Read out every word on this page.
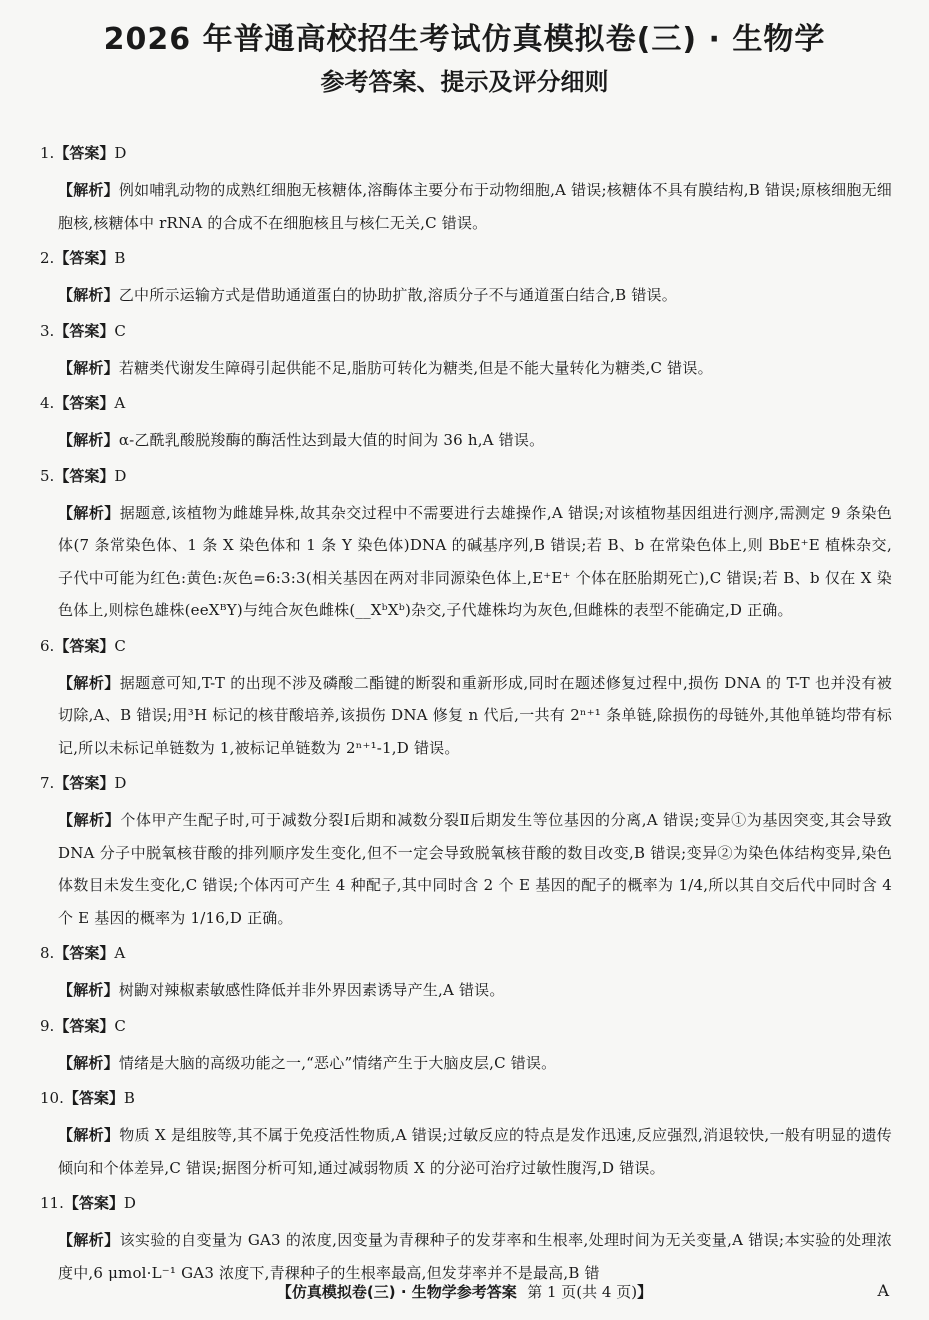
2026 年普通高校招生考试仿真模拟卷(三) · 生物学
参考答案、提示及评分细则
1.【答案】D
【解析】例如哺乳动物的成熟红细胞无核糖体,溶酶体主要分布于动物细胞,A 错误;核糖体不具有膜结构,B 错误;原核细胞无细胞核,核糖体中 rRNA 的合成不在细胞核且与核仁无关,C 错误。
2.【答案】B
【解析】乙中所示运输方式是借助通道蛋白的协助扩散,溶质分子不与通道蛋白结合,B 错误。
3.【答案】C
【解析】若糖类代谢发生障碍引起供能不足,脂肪可转化为糖类,但是不能大量转化为糖类,C 错误。
4.【答案】A
【解析】α-乙酰乳酸脱羧酶的酶活性达到最大值的时间为 36 h,A 错误。
5.【答案】D
【解析】据题意,该植物为雌雄异株,故其杂交过程中不需要进行去雄操作,A 错误;对该植物基因组进行测序,需测定 9 条染色体(7 条常染色体、1 条 X 染色体和 1 条 Y 染色体)DNA 的碱基序列,B 错误;若 B、b 在常染色体上,则 BbE⁺E 植株杂交,子代中可能为红色:黄色:灰色=6:3:3(相关基因在两对非同源染色体上,E⁺E⁺ 个体在胚胎期死亡),C 错误;若 B、b 仅在 X 染色体上,则棕色雄株(eeXᴮY)与纯合灰色雌株(__XᵇXᵇ)杂交,子代雄株均为灰色,但雌株的表型不能确定,D 正确。
6.【答案】C
【解析】据题意可知,T-T 的出现不涉及磷酸二酯键的断裂和重新形成,同时在题述修复过程中,损伤 DNA 的 T-T 也并没有被切除,A、B 错误;用³H 标记的核苷酸培养,该损伤 DNA 修复 n 代后,一共有 2ⁿ⁺¹ 条单链,除损伤的母链外,其他单链均带有标记,所以未标记单链数为 1,被标记单链数为 2ⁿ⁺¹-1,D 错误。
7.【答案】D
【解析】个体甲产生配子时,可于减数分裂Ⅰ后期和减数分裂Ⅱ后期发生等位基因的分离,A 错误;变异①为基因突变,其会导致 DNA 分子中脱氧核苷酸的排列顺序发生变化,但不一定会导致脱氧核苷酸的数目改变,B 错误;变异②为染色体结构变异,染色体数目未发生变化,C 错误;个体丙可产生 4 种配子,其中同时含 2 个 E 基因的配子的概率为 1/4,所以其自交后代中同时含 4 个 E 基因的概率为 1/16,D 正确。
8.【答案】A
【解析】树鼩对辣椒素敏感性降低并非外界因素诱导产生,A 错误。
9.【答案】C
【解析】情绪是大脑的高级功能之一,“恶心”情绪产生于大脑皮层,C 错误。
10.【答案】B
【解析】物质 X 是组胺等,其不属于免疫活性物质,A 错误;过敏反应的特点是发作迅速,反应强烈,消退较快,一般有明显的遗传倾向和个体差异,C 错误;据图分析可知,通过减弱物质 X 的分泌可治疗过敏性腹泻,D 错误。
11.【答案】D
【解析】该实验的自变量为 GA3 的浓度,因变量为青稞种子的发芽率和生根率,处理时间为无关变量,A 错误;本实验的处理浓度中,6 μmol·L⁻¹ GA3 浓度下,青稞种子的生根率最高,但发芽率并不是最高,B 错
【仿真模拟卷(三) · 生物学参考答案 第 1 页(共 4 页)】	A
